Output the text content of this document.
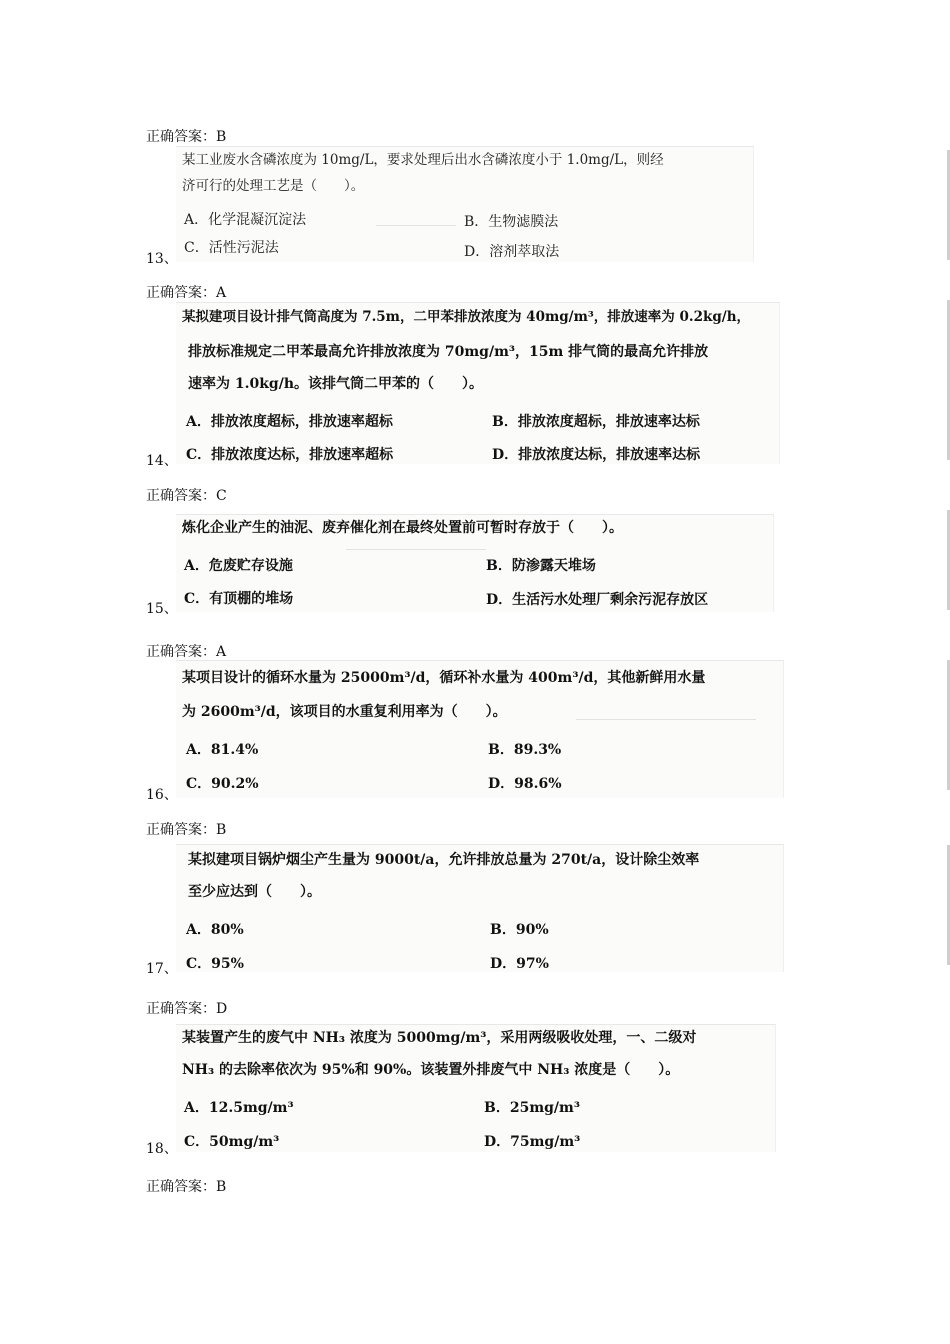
正确答案：B
某工业废水含磷浓度为 10mg/L，要求处理后出水含磷浓度小于 1.0mg/L，则经
济可行的处理工艺是（　　）。
A．化学混凝沉淀法	B．生物滤膜法
C．活性污泥法	D．溶剂萃取法
13、
正确答案：A
某拟建项目设计排气筒高度为 7.5m，二甲苯排放浓度为 40mg/m³，排放速率为 0.2kg/h，
排放标准规定二甲苯最高允许排放浓度为 70mg/m³，15m 排气筒的最高允许排放
速率为 1.0kg/h。该排气筒二甲苯的（　　）。
A．排放浓度超标，排放速率超标	B．排放浓度超标，排放速率达标
C．排放浓度达标，排放速率超标	D．排放浓度达标，排放速率达标
14、
正确答案：C
炼化企业产生的油泥、废弃催化剂在最终处置前可暂时存放于（　　）。
A．危废贮存设施	B．防渗露天堆场
C．有顶棚的堆场	D．生活污水处理厂剩余污泥存放区
15、
正确答案：A
某项目设计的循环水量为 25000m³/d，循环补水量为 400m³/d，其他新鲜用水量
为 2600m³/d，该项目的水重复利用率为（　　）。
A．81.4%	B．89.3%
C．90.2%	D．98.6%
16、
正确答案：B
某拟建项目锅炉烟尘产生量为 9000t/a，允许排放总量为 270t/a，设计除尘效率
至少应达到（　　）。
A．80%	B．90%
C．95%	D．97%
17、
正确答案：D
某装置产生的废气中 NH₃ 浓度为 5000mg/m³，采用两级吸收处理，一、二级对
NH₃ 的去除率依次为 95%和 90%。该装置外排废气中 NH₃ 浓度是（　　）。
A．12.5mg/m³	B．25mg/m³
C．50mg/m³	D．75mg/m³
18、
正确答案：B
